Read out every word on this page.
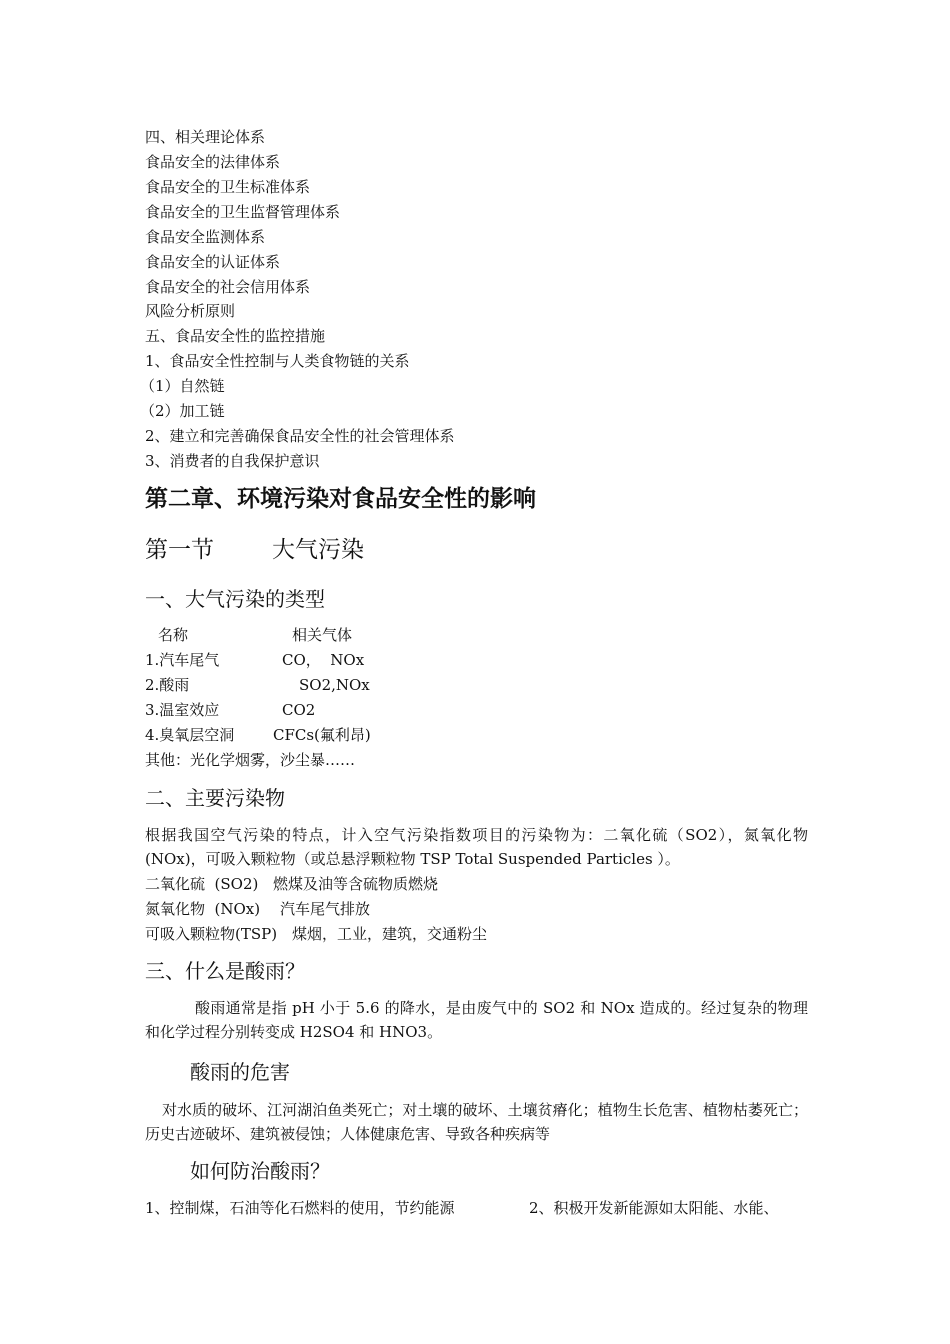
四、相关理论体系
食品安全的法律体系
食品安全的卫生标准体系
食品安全的卫生监督管理体系
食品安全监测体系
食品安全的认证体系
食品安全的社会信用体系
风险分析原则
五、食品安全性的监控措施
1、食品安全性控制与人类食物链的关系
（1）自然链
（2）加工链
2、建立和完善确保食品安全性的社会管理体系
3、消费者的自我保护意识
第二章、环境污染对食品安全性的影响
第一节	大气污染
一、大气污染的类型
名称	相关气体
1.汽车尾气	CO，  NOx
2.酸雨	SO2,NOx
3.温室效应	CO2
4.臭氧层空洞	CFCs(氟利昂)
其他：光化学烟雾，沙尘暴……
二、主要污染物
根据我国空气污染的特点，计入空气污染指数项目的污染物为：二氧化硫（SO2），氮氧化物(NOx)，可吸入颗粒物（或总悬浮颗粒物 TSP Total Suspended Particles ）。
二氧化硫  (SO2) 燃煤及油等含硫物质燃烧
氮氧化物  (NOx) 汽车尾气排放
可吸入颗粒物(TSP) 煤烟，工业，建筑，交通粉尘
三、什么是酸雨？
酸雨通常是指 pH 小于 5.6 的降水，是由废气中的 SO2 和 NOx 造成的。经过复杂的物理和化学过程分别转变成 H2SO4 和 HNO3。
酸雨的危害
对水质的破坏、江河湖泊鱼类死亡；对土壤的破坏、土壤贫瘠化；植物生长危害、植物枯萎死亡；历史古迹破坏、建筑被侵蚀；人体健康危害、导致各种疾病等
如何防治酸雨？
1、控制煤，石油等化石燃料的使用，节约能源	2、积极开发新能源如太阳能、水能、
